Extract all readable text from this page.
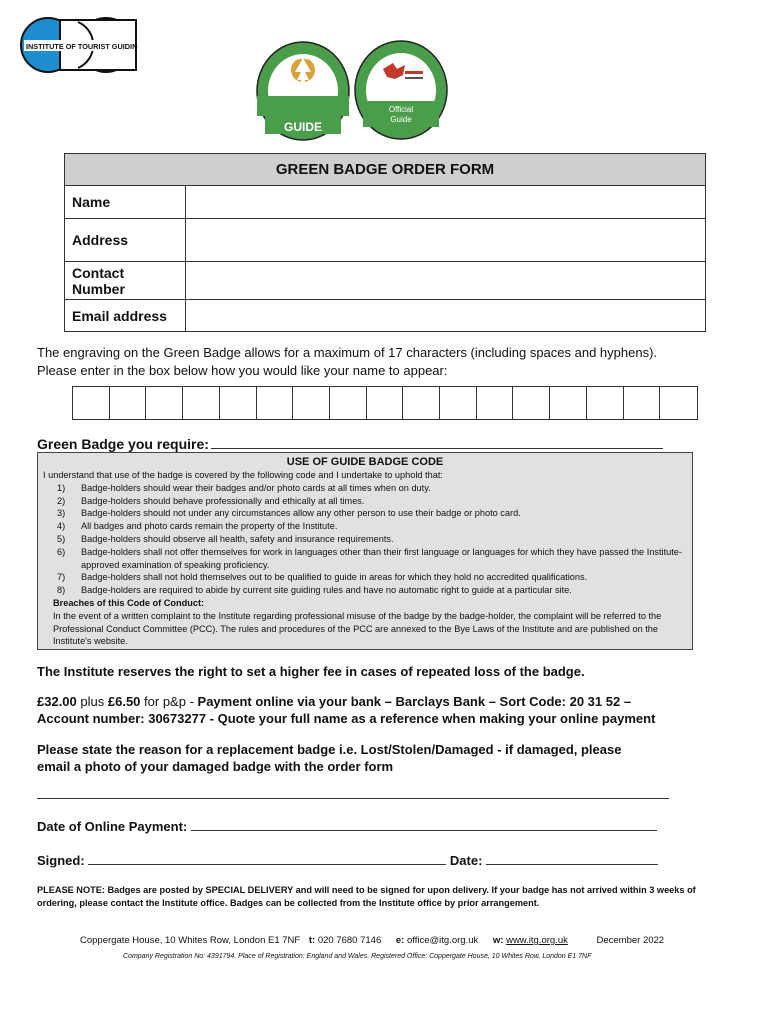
INSTITUTE OF TOURIST GUIDING
GUIDE
Official
Guide
GREEN BADGE ORDER FORM	
Name	
Address	
Contact Number	
Email address	
The engraving on the Green Badge allows for a maximum of 17 characters (including spaces and hyphens).
Please enter in the box below how you would like your name to appear:
Green Badge you require:
USE OF GUIDE BADGE CODE
I understand that use of the badge is covered by the following code and I undertake to uphold that:
1)	Badge-holders should wear their badges and/or photo cards at all times when on duty.
2)	Badge-holders should behave professionally and ethically at all times.
3)	Badge-holders should not under any circumstances allow any other person to use their badge or photo card.
4)	All badges and photo cards remain the property of the Institute.
5)	Badge-holders should observe all health, safety and insurance requirements.
6)	Badge-holders shall not offer themselves for work in languages other than their first language or languages for which they have passed the Institute-approved examination of speaking proficiency.
7)	Badge-holders shall not hold themselves out to be qualified to guide in areas for which they hold no accredited qualifications.
8)	Badge-holders are required to abide by current site guiding rules and have no automatic right to guide at a particular site.
Breaches of this Code of Conduct:
In the event of a written complaint to the Institute regarding professional misuse of the badge by the badge-holder, the complaint will be referred to the Professional Conduct Committee (PCC). The rules and procedures of the PCC are annexed to the Bye Laws of the Institute and are published on the Institute's website.
The Institute reserves the right to set a higher fee in cases of repeated loss of the badge.
£32.00 plus £6.50 for p&p - Payment online via your bank – Barclays Bank – Sort Code: 20 31 52 –
Account number: 30673277 - Quote your full name as a reference when making your online payment
Please state the reason for a replacement badge i.e. Lost/Stolen/Damaged - if damaged, please
email a photo of your damaged badge with the order form
Date of Online Payment:
Signed:	Date:
PLEASE NOTE: Badges are posted by SPECIAL DELIVERY and will need to be signed for upon delivery. If your badge has not arrived within 3 weeks of ordering, please contact the Institute office. Badges can be collected from the Institute office by prior arrangement.
Coppergate House, 10 Whites Row, London E1 7NF t: 020 7680 7146 e: office@itg.org.uk w: www.itg.org.uk	December 2022
Company Registration No: 4391794. Place of Registration: England and Wales. Registered Office: Coppergate House, 10 Whites Row, London E1 7NF
